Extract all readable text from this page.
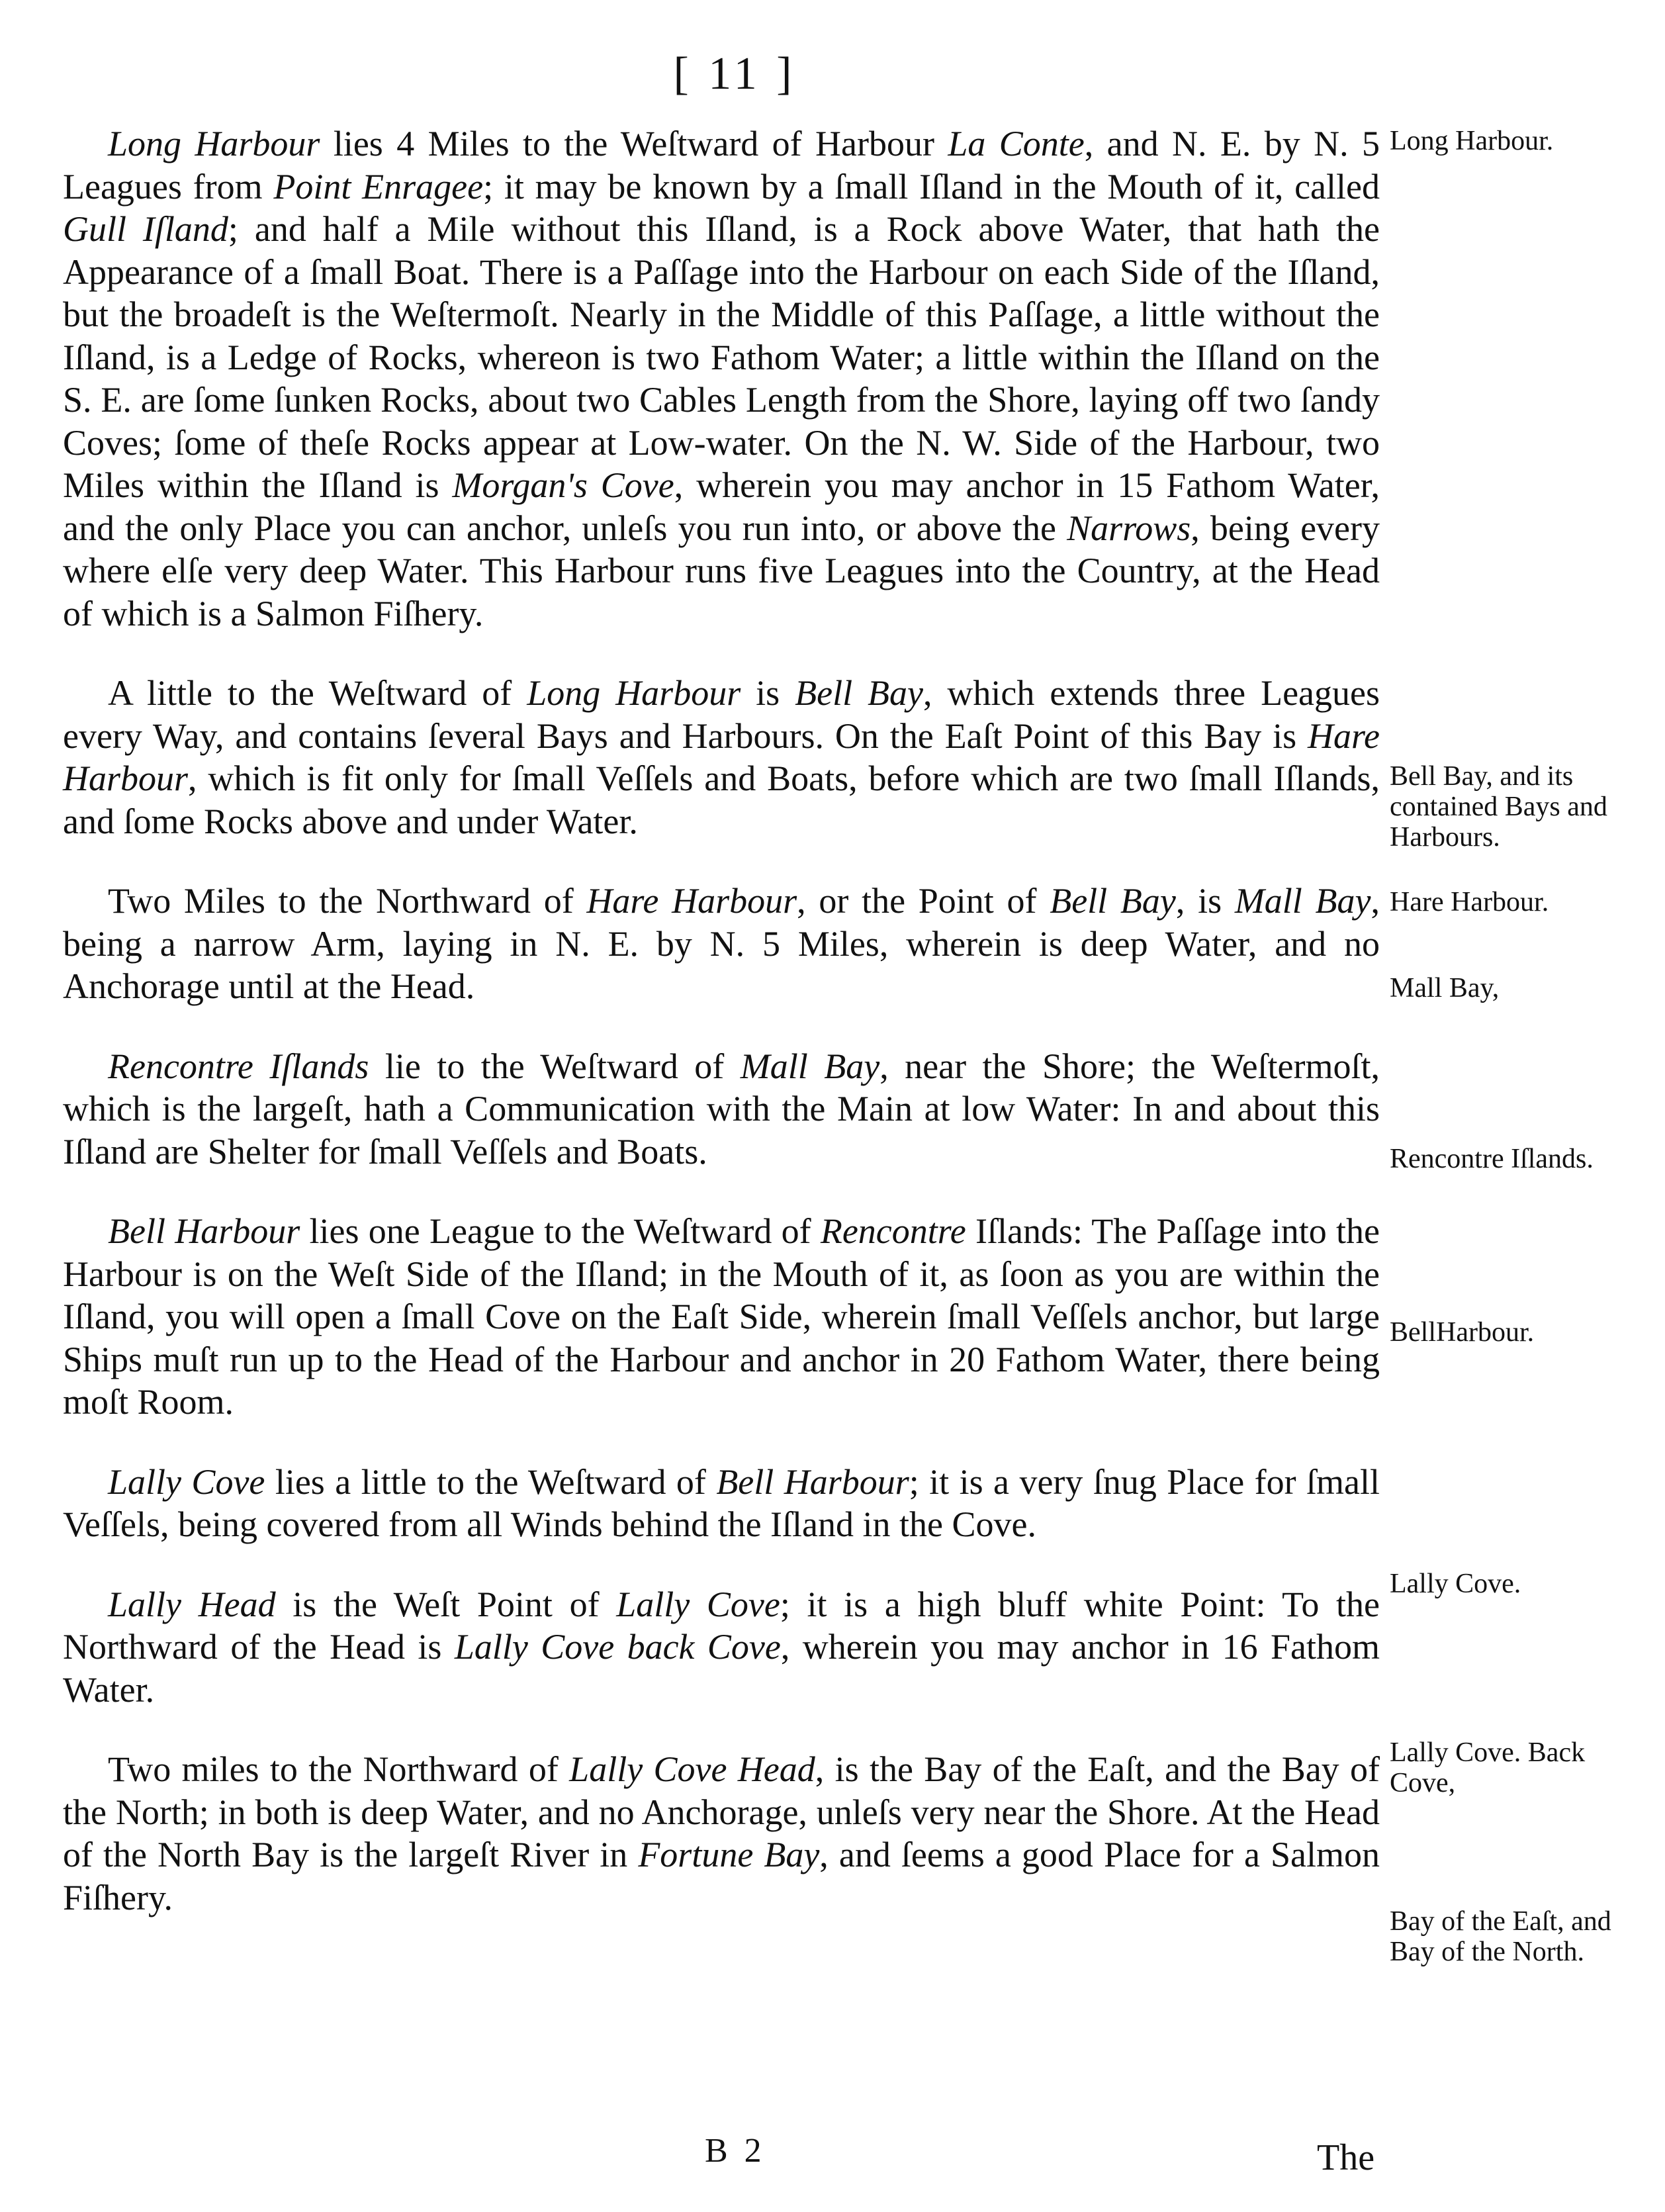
[ 11 ]

Long Harbour lies 4 Miles to the Weſtward of Harbour La Conte, and N. E. by N. 5 Leagues from Point Enragee; it may be known by a ſmall Iſland in the Mouth of it, called Gull Iſland; and half a Mile without this Iſland, is a Rock above Water, that hath the Appearance of a ſmall Boat. There is a Paſſage into the Harbour on each Side of the Iſland, but the broadeſt is the Weſtermoſt. Nearly in the Middle of this Paſſage, a little without the Iſland, is a Ledge of Rocks, whereon is two Fathom Water; a little within the Iſland on the S. E. are ſome ſunken Rocks, about two Cables Length from the Shore, laying off two ſandy Coves; ſome of theſe Rocks appear at Low-water. On the N. W. Side of the Harbour, two Miles within the Iſland is Morgan's Cove, wherein you may anchor in 15 Fathom Water, and the only Place you can anchor, unleſs you run into, or above the Narrows, being every where elſe very deep Water. This Harbour runs five Leagues into the Country, at the Head of which is a Salmon Fiſhery.

A little to the Weſtward of Long Harbour is Bell Bay, which extends three Leagues every Way, and contains ſeveral Bays and Harbours. On the Eaſt Point of this Bay is Hare Harbour, which is fit only for ſmall Veſſels and Boats, before which are two ſmall Iſlands, and ſome Rocks above and under Water.

Two Miles to the Northward of Hare Harbour, or the Point of Bell Bay, is Mall Bay, being a narrow Arm, laying in N. E. by N. 5 Miles, wherein is deep Water, and no Anchorage until at the Head.

Rencontre Iſlands lie to the Weſtward of Mall Bay, near the Shore; the Weſtermoſt, which is the largeſt, hath a Communication with the Main at low Water: In and about this Iſland are Shelter for ſmall Veſſels and Boats.

Bell Harbour lies one League to the Weſtward of Rencontre Iſlands: The Paſſage into the Harbour is on the Weſt Side of the Iſland; in the Mouth of it, as ſoon as you are within the Iſland, you will open a ſmall Cove on the Eaſt Side, wherein ſmall Veſſels anchor, but large Ships muſt run up to the Head of the Harbour and anchor in 20 Fathom Water, there being moſt Room.

Lally Cove lies a little to the Weſtward of Bell Harbour; it is a very ſnug Place for ſmall Veſſels, being covered from all Winds behind the Iſland in the Cove.

Lally Head is the Weſt Point of Lally Cove; it is a high bluff white Point: To the Northward of the Head is Lally Cove back Cove, wherein you may anchor in 16 Fathom Water.

Two miles to the Northward of Lally Cove Head, is the Bay of the Eaſt, and the Bay of the North; in both is deep Water, and no Anchorage, unleſs very near the Shore. At the Head of the North Bay is the largeſt River in Fortune Bay, and ſeems a good Place for a Salmon Fiſhery.

Long Harbour.
Bell Bay, and its contained Bays and Harbours.
Hare Harbour.
Mall Bay,
Rencontre Iſlands.
BellHarbour.
Lally Cove.
Lally Cove. Back Cove,
Bay of the Eaſt, and Bay of the North.
B 2	The
